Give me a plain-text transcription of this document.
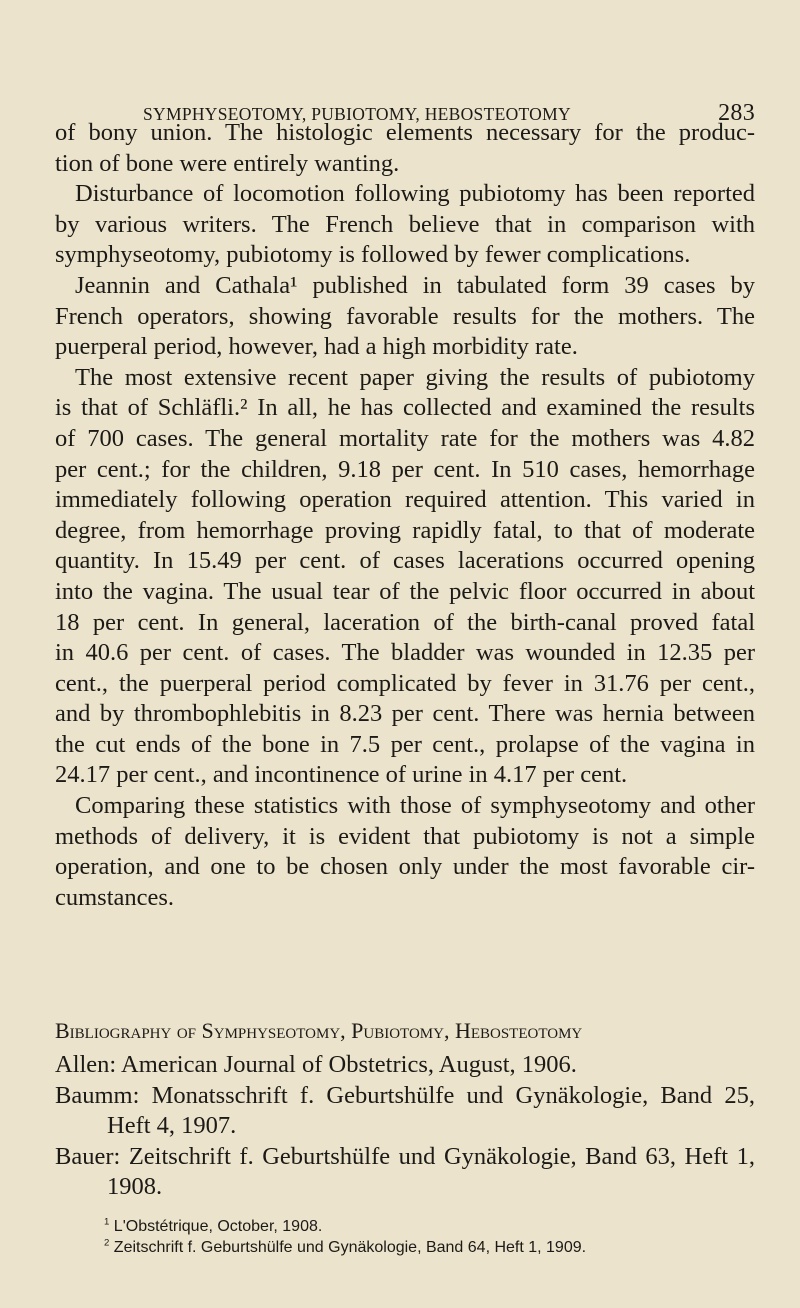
SYMPHYSEOTOMY, PUBIOTOMY, HEBOSTEOTOMY	283
of bony union. The histologic elements necessary for the produc-
tion of bone were entirely wanting.
Disturbance of locomotion following pubiotomy has been reported
by various writers. The French believe that in comparison with
symphyseotomy, pubiotomy is followed by fewer complications.
Jeannin and Cathala¹ published in tabulated form 39 cases by
French operators, showing favorable results for the mothers. The
puerperal period, however, had a high morbidity rate.
The most extensive recent paper giving the results of pubiotomy
is that of Schläfli.² In all, he has collected and examined the results
of 700 cases. The general mortality rate for the mothers was 4.82
per cent.; for the children, 9.18 per cent. In 510 cases, hemorrhage
immediately following operation required attention. This varied in
degree, from hemorrhage proving rapidly fatal, to that of moderate
quantity. In 15.49 per cent. of cases lacerations occurred opening
into the vagina. The usual tear of the pelvic floor occurred in about
18 per cent. In general, laceration of the birth-canal proved fatal
in 40.6 per cent. of cases. The bladder was wounded in 12.35 per
cent., the puerperal period complicated by fever in 31.76 per cent.,
and by thrombophlebitis in 8.23 per cent. There was hernia between
the cut ends of the bone in 7.5 per cent., prolapse of the vagina in
24.17 per cent., and incontinence of urine in 4.17 per cent.
Comparing these statistics with those of symphyseotomy and other
methods of delivery, it is evident that pubiotomy is not a simple
operation, and one to be chosen only under the most favorable cir-
cumstances.
Bibliography of Symphyseotomy, Pubiotomy, Hebosteotomy
Allen: American Journal of Obstetrics, August, 1906.
Baumm: Monatsschrift f. Geburtshülfe und Gynäkologie, Band 25,
Heft 4, 1907.
Bauer: Zeitschrift f. Geburtshülfe und Gynäkologie, Band 63, Heft 1,
1908.
$^1$ L'Obstétrique, October, 1908.
$^2$ Zeitschrift f. Geburtshülfe und Gynäkologie, Band 64, Heft 1, 1909.
